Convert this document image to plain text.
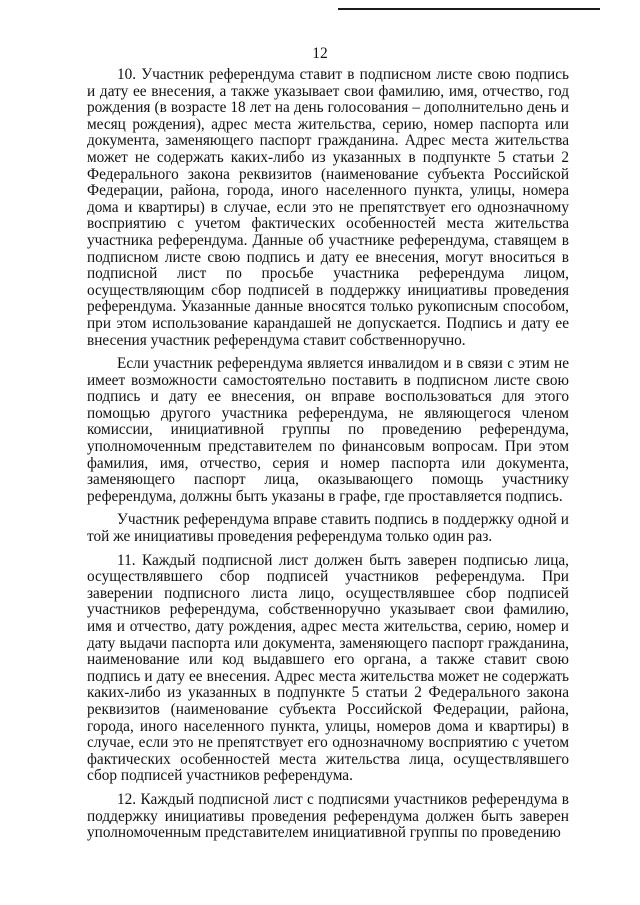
12

10. Участник референдума ставит в подписном листе свою подпись и дату ее внесения, а также указывает свои фамилию, имя, отчество, год рождения (в возрасте 18 лет на день голосования – дополнительно день и месяц рождения), адрес места жительства, серию, номер паспорта или документа, заменяющего паспорт гражданина. Адрес места жительства может не содержать каких-либо из указанных в подпункте 5 статьи 2 Федерального закона реквизитов (наименование субъекта Российской Федерации, района, города, иного населенного пункта, улицы, номера дома и квартиры) в случае, если это не препятствует его однозначному восприятию с учетом фактических особенностей места жительства участника референдума. Данные об участнике референдума, ставящем в подписном листе свою подпись и дату ее внесения, могут вноситься в подписной лист по просьбе участника референдума лицом, осуществляющим сбор подписей в поддержку инициативы проведения референдума. Указанные данные вносятся только рукописным способом, при этом использование карандашей не допускается. Подпись и дату ее внесения участник референдума ставит собственноручно.

Если участник референдума является инвалидом и в связи с этим не имеет возможности самостоятельно поставить в подписном листе свою подпись и дату ее внесения, он вправе воспользоваться для этого помощью другого участника референдума, не являющегося членом комиссии, инициативной группы по проведению референдума, уполномоченным представителем по финансовым вопросам. При этом фамилия, имя, отчество, серия и номер паспорта или документа, заменяющего паспорт лица, оказывающего помощь участнику референдума, должны быть указаны в графе, где проставляется подпись.

Участник референдума вправе ставить подпись в поддержку одной и той же инициативы проведения референдума только один раз.

11. Каждый подписной лист должен быть заверен подписью лица, осуществлявшего сбор подписей участников референдума. При заверении подписного листа лицо, осуществлявшее сбор подписей участников референдума, собственноручно указывает свои фамилию, имя и отчество, дату рождения, адрес места жительства, серию, номер и дату выдачи паспорта или документа, заменяющего паспорт гражданина, наименование или код выдавшего его органа, а также ставит свою подпись и дату ее внесения. Адрес места жительства может не содержать каких-либо из указанных в подпункте 5 статьи 2 Федерального закона реквизитов (наименование субъекта Российской Федерации, района, города, иного населенного пункта, улицы, номеров дома и квартиры) в случае, если это не препятствует его однозначному восприятию с учетом фактических особенностей места жительства лица, осуществлявшего сбор подписей участников референдума.

12. Каждый подписной лист с подписями участников референдума в поддержку инициативы проведения референдума должен быть заверен уполномоченным представителем инициативной группы по проведению
